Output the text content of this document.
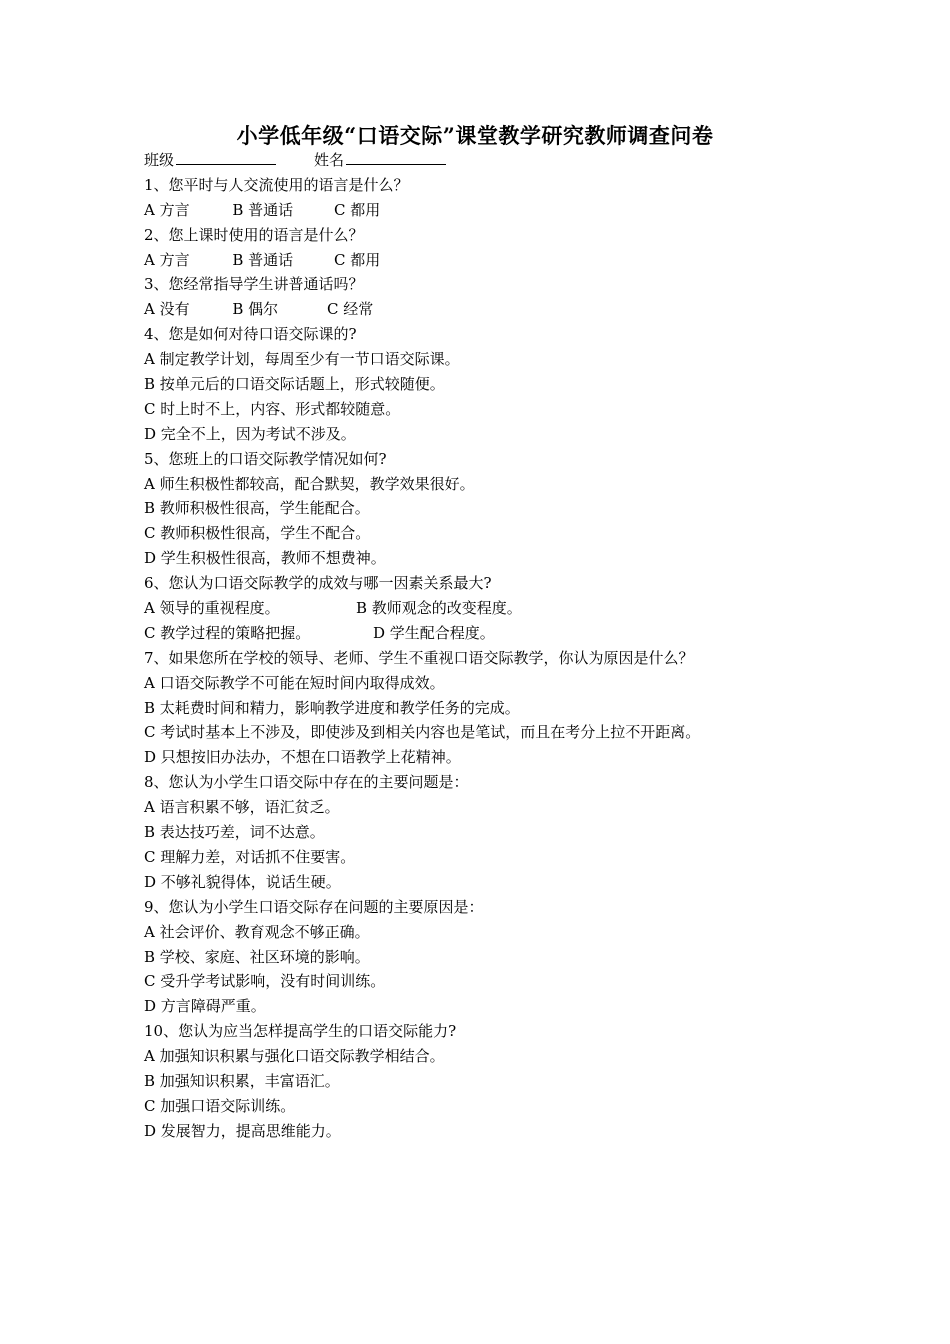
小学低年级“口语交际”课堂教学研究教师调查问卷
班级	姓名
1、您平时与人交流使用的语言是什么？
A 方言	B 普通话	C 都用
2、您上课时使用的语言是什么？
A 方言	B 普通话	C 都用
3、您经常指导学生讲普通话吗？
A 没有	B 偶尔	C 经常
4、您是如何对待口语交际课的?
A 制定教学计划，每周至少有一节口语交际课。
B 按单元后的口语交际话题上，形式较随便。
C 时上时不上，内容、形式都较随意。
D 完全不上，因为考试不涉及。
5、您班上的口语交际教学情况如何?
A 师生积极性都较高，配合默契，教学效果很好。
B 教师积极性很高，学生能配合。
C 教师积极性很高，学生不配合。
D 学生积极性很高，教师不想费神。
6、您认为口语交际教学的成效与哪一因素关系最大?
A 领导的重视程度。	B 教师观念的改变程度。
C 教学过程的策略把握。	D 学生配合程度。
7、如果您所在学校的领导、老师、学生不重视口语交际教学，你认为原因是什么？
A 口语交际教学不可能在短时间内取得成效。
B 太耗费时间和精力，影响教学进度和教学任务的完成。
C 考试时基本上不涉及，即使涉及到相关内容也是笔试，而且在考分上拉不开距离。
D 只想按旧办法办，不想在口语教学上花精神。
8、您认为小学生口语交际中存在的主要问题是：
A 语言积累不够，语汇贫乏。
B 表达技巧差，词不达意。
C 理解力差，对话抓不住要害。
D 不够礼貌得体，说话生硬。
9、您认为小学生口语交际存在问题的主要原因是：
A 社会评价、教育观念不够正确。
B 学校、家庭、社区环境的影响。
C 受升学考试影响，没有时间训练。
D 方言障碍严重。
10、您认为应当怎样提高学生的口语交际能力?
A 加强知识积累与强化口语交际教学相结合。
B 加强知识积累，丰富语汇。
C 加强口语交际训练。
D 发展智力，提高思维能力。
